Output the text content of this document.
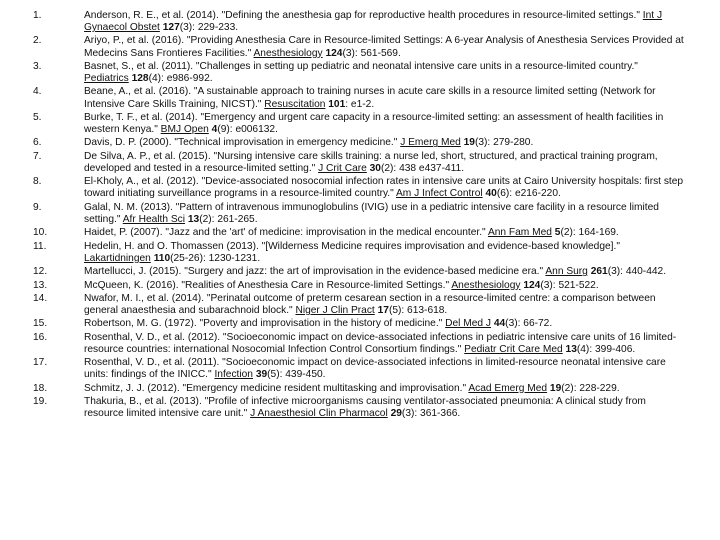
1.	Anderson, R. E., et al. (2014). "Defining the anesthesia gap for reproductive health procedures in resource-limited settings." Int J Gynaecol Obstet 127(3): 229-233.
2.	Ariyo, P., et al. (2016). "Providing Anesthesia Care in Resource-limited Settings: A 6-year Analysis of Anesthesia Services Provided at Medecins Sans Frontieres Facilities." Anesthesiology 124(3): 561-569.
3.	Basnet, S., et al. (2011). "Challenges in setting up pediatric and neonatal intensive care units in a resource-limited country." Pediatrics 128(4): e986-992.
4.	Beane, A., et al. (2016). "A sustainable approach to training nurses in acute care skills in a resource limited setting (Network for Intensive Care Skills Training, NICST)." Resuscitation 101: e1-2.
5.	Burke, T. F., et al. (2014). "Emergency and urgent care capacity in a resource-limited setting: an assessment of health facilities in western Kenya." BMJ Open 4(9): e006132.
6.	Davis, D. P. (2000). "Technical improvisation in emergency medicine." J Emerg Med 19(3): 279-280.
7.	De Silva, A. P., et al. (2015). "Nursing intensive care skills training: a nurse led, short, structured, and practical training program, developed and tested in a resource-limited setting." J Crit Care 30(2): 438 e437-411.
8.	El-Kholy, A., et al. (2012). "Device-associated nosocomial infection rates in intensive care units at Cairo University hospitals: first step toward initiating surveillance programs in a resource-limited country." Am J Infect Control 40(6): e216-220.
9.	Galal, N. M. (2013). "Pattern of intravenous immunoglobulins (IVIG) use in a pediatric intensive care facility in a resource limited setting." Afr Health Sci 13(2): 261-265.
10.	Haidet, P. (2007). "Jazz and the 'art' of medicine: improvisation in the medical encounter." Ann Fam Med 5(2): 164-169.
11.	Hedelin, H. and O. Thomassen (2013). "[Wilderness Medicine requires improvisation and evidence-based knowledge]." Lakartidningen 110(25-26): 1230-1231.
12.	Martellucci, J. (2015). "Surgery and jazz: the art of improvisation in the evidence-based medicine era." Ann Surg 261(3): 440-442.
13.	McQueen, K. (2016). "Realities of Anesthesia Care in Resource-limited Settings." Anesthesiology 124(3): 521-522.
14.	Nwafor, M. I., et al. (2014). "Perinatal outcome of preterm cesarean section in a resource-limited centre: a comparison between general anaesthesia and subarachnoid block." Niger J Clin Pract 17(5): 613-618.
15.	Robertson, M. G. (1972). "Poverty and improvisation in the history of medicine." Del Med J 44(3): 66-72.
16.	Rosenthal, V. D., et al. (2012). "Socioeconomic impact on device-associated infections in pediatric intensive care units of 16 limited-resource countries: international Nosocomial Infection Control Consortium findings." Pediatr Crit Care Med 13(4): 399-406.
17.	Rosenthal, V. D., et al. (2011). "Socioeconomic impact on device-associated infections in limited-resource neonatal intensive care units: findings of the INICC." Infection 39(5): 439-450.
18.	Schmitz, J. J. (2012). "Emergency medicine resident multitasking and improvisation." Acad Emerg Med 19(2): 228-229.
19.	Thakuria, B., et al. (2013). "Profile of infective microorganisms causing ventilator-associated pneumonia: A clinical study from resource limited intensive care unit." J Anaesthesiol Clin Pharmacol 29(3): 361-366.
